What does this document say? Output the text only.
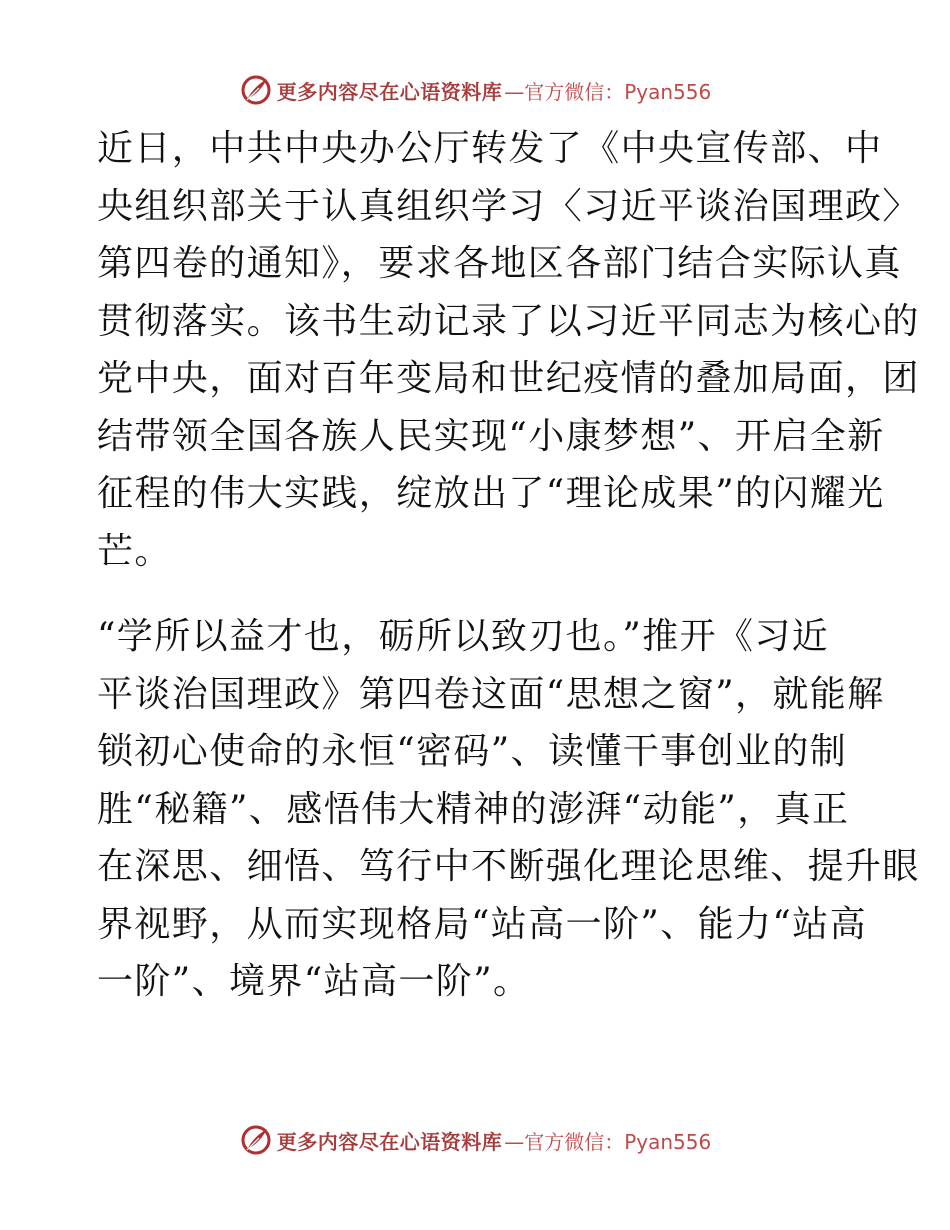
更多内容尽在心语资料库 —官方微信：Pyan556

近日，中共中央办公厅转发了《中央宣传部、中
央组织部关于认真组织学习〈习近平谈治国理政〉
第四卷的通知》，要求各地区各部门结合实际认真
贯彻落实。该书生动记录了以习近平同志为核心的
党中央，面对百年变局和世纪疫情的叠加局面，团
结带领全国各族人民实现“小康梦想”、开启全新
征程的伟大实践，绽放出了“理论成果”的闪耀光
芒。

“学所以益才也，砺所以致刃也。”推开《习近
平谈治国理政》第四卷这面“思想之窗”，就能解
锁初心使命的永恒“密码”、读懂干事创业的制
胜“秘籍”、感悟伟大精神的澎湃“动能”，真正
在深思、细悟、笃行中不断强化理论思维、提升眼
界视野，从而实现格局“站高一阶”、能力“站高
一阶”、境界“站高一阶”。

更多内容尽在心语资料库 —官方微信：Pyan556
